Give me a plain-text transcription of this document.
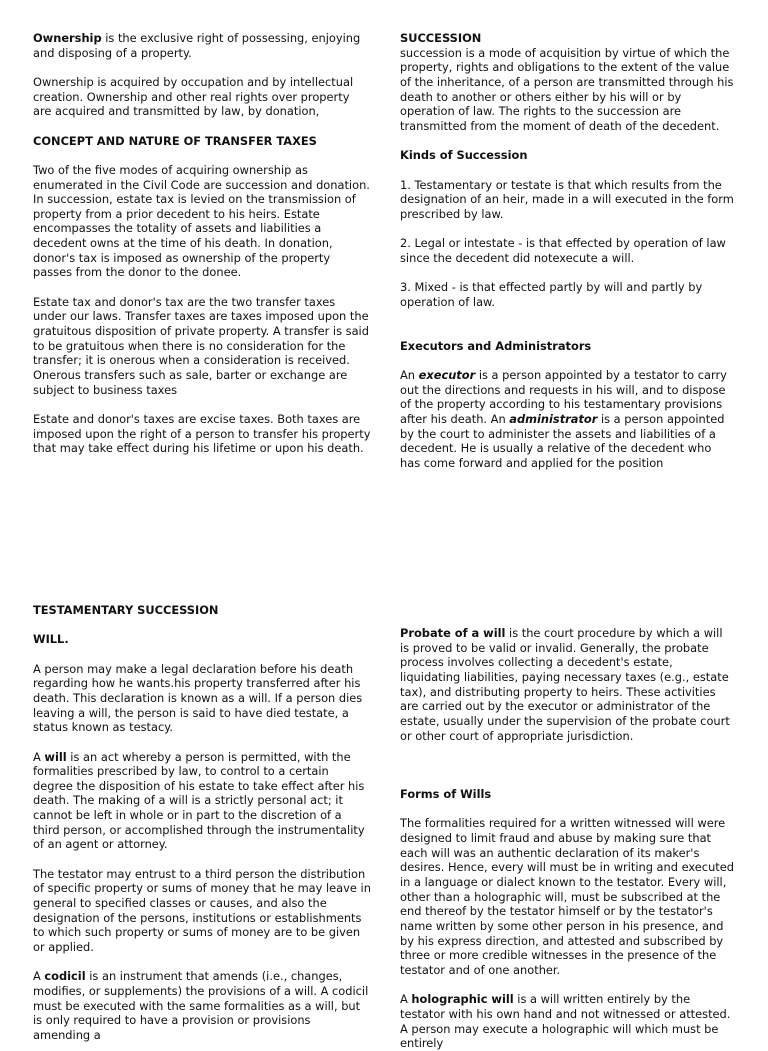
Ownership is the exclusive right of possessing, enjoying and disposing of a property.

Ownership is acquired by occupation and by intellectual creation. Ownership and other real rights over property are acquired and transmitted by law, by donation,

CONCEPT AND NATURE OF TRANSFER TAXES

Two of the five modes of acquiring ownership as enumerated in the Civil Code are succession and donation. In succession, estate tax is levied on the transmission of property from a prior decedent to his heirs. Estate encompasses the totality of assets and liabilities a decedent owns at the time of his death. In donation, donor's tax is imposed as ownership of the property passes from the donor to the donee.

Estate tax and donor's tax are the two transfer taxes under our laws. Transfer taxes are taxes imposed upon the gratuitous disposition of private property. A transfer is said to be gratuitous when there is no consideration for the transfer; it is onerous when a consideration is received. Onerous transfers such as sale, barter or exchange are subject to business taxes

Estate and donor's taxes are excise taxes. Both taxes are imposed upon the right of a person to transfer his property that may take effect during his lifetime or upon his death.

SUCCESSION

succession is a mode of acquisition by virtue of which the property, rights and obligations to the extent of the value of the inheritance, of a person are transmitted through his death to another or others either by his will or by operation of law. The rights to the succession are transmitted from the moment of death of the decedent.

Kinds of Succession

1. Testamentary or testate is that which results from the designation of an heir, made in a will executed in the form prescribed by law.

2. Legal or intestate - is that effected by operation of law since the decedent did notexecute a will.

3. Mixed - is that effected partly by will and partly by operation of law.

Executors and Administrators

An executor is a person appointed by a testator to carry out the directions and requests in his will, and to dispose of the property according to his testamentary provisions after his death. An administrator is a person appointed by the court to administer the assets and liabilities of a decedent. He is usually a relative of the decedent who has come forward and applied for the position

TESTAMENTARY SUCCESSION

WILL.

A person may make a legal declaration before his death regarding how he wants.his property transferred after his death. This declaration is known as a will. If a person dies leaving a will, the person is said to have died testate, a status known as testacy.

A will is an act whereby a person is permitted, with the formalities prescribed by law, to control to a certain degree the disposition of his estate to take effect after his death. The making of a will is a strictly personal act; it cannot be left in whole or in part to the discretion of a third person, or accomplished through the instrumentality of an agent or attorney.

The testator may entrust to a third person the distribution of specific property or sums of money that he may leave in general to specified classes or causes, and also the designation of the persons, institutions or establishments to which such property or sums of money are to be given or applied.

A codicil is an instrument that amends (i.e., changes, modifies, or supplements) the provisions of a will. A codicil must be executed with the same formalities as a will, but is only required to have a provision or provisions amending a

Probate of a will is the court procedure by which a will is proved to be valid or invalid. Generally, the probate process involves collecting a decedent's estate, liquidating liabilities, paying necessary taxes (e.g., estate tax), and distributing property to heirs. These activities are carried out by the executor or administrator of the estate, usually under the supervision of the probate court or other court of appropriate jurisdiction.

Forms of Wills

The formalities required for a written witnessed will were designed to limit fraud and abuse by making sure that each will was an authentic declaration of its maker's desires. Hence, every will must be in writing and executed in a language or dialect known to the testator. Every will, other than a holographic will, must be subscribed at the end thereof by the testator himself or by the testator's name written by some other person in his presence, and by his express direction, and attested and subscribed by three or more credible witnesses in the presence of the testator and of one another.

A holographic will is a will written entirely by the testator with his own hand and not witnessed or attested. A person may execute a holographic will which must be entirely
